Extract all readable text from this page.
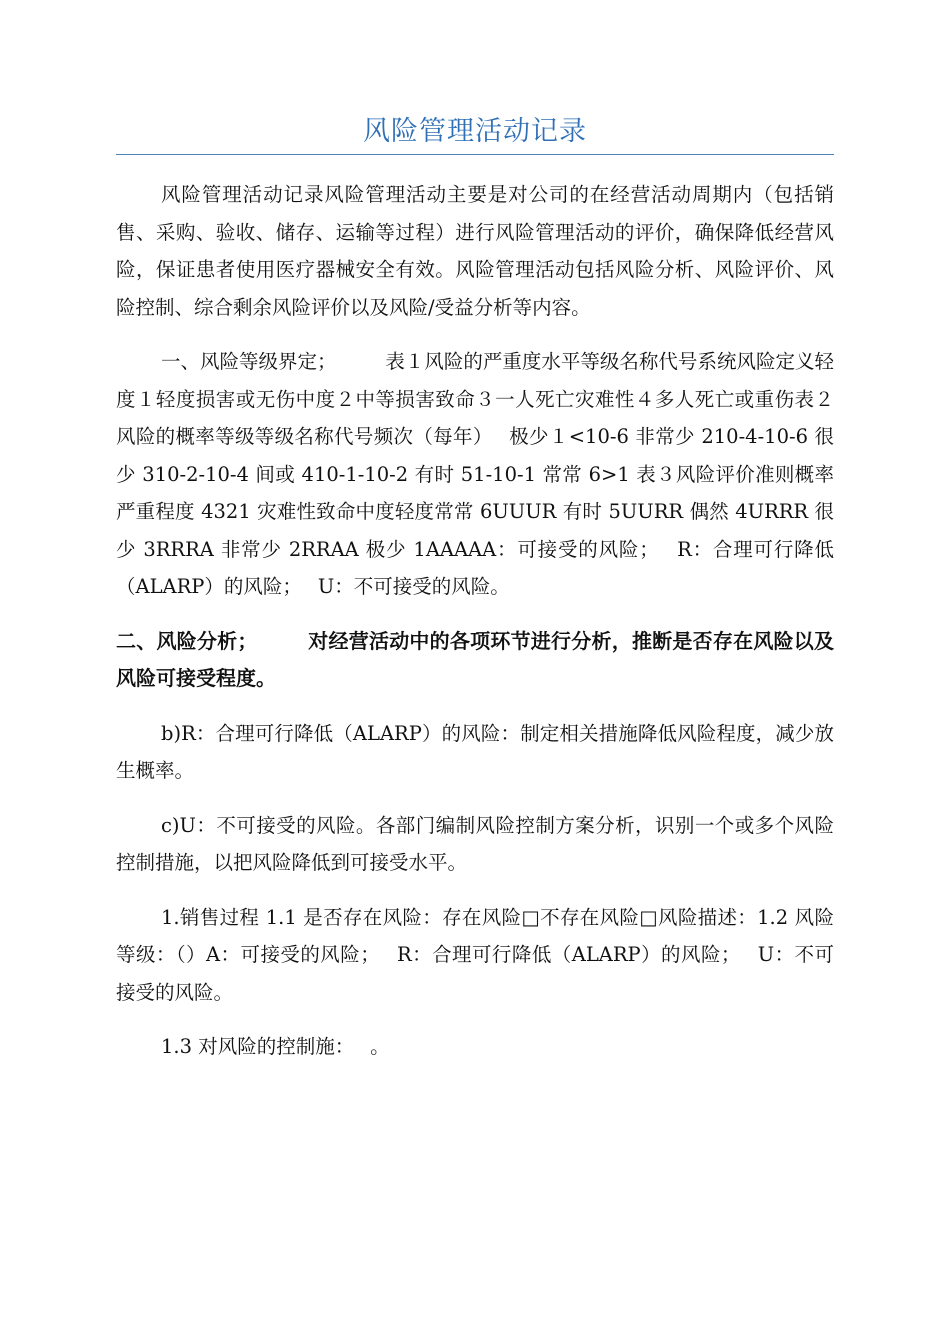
风险管理活动记录

风险管理活动记录风险管理活动主要是对公司的在经营活动周期内（包括销售、采购、验收、储存、运输等过程）进行风险管理活动的评价，确保降低经营风险，保证患者使用医疗器械安全有效。风险管理活动包括风险分析、风险评价、风险控制、综合剩余风险评价以及风险/受益分析等内容。

一、风险等级界定；　　　表１风险的严重度水平等级名称代号系统风险定义轻度１轻度损害或无伤中度２中等损害致命３一人死亡灾难性４多人死亡或重伤表２风险的概率等级等级名称代号频次（每年）　 极少１<10-6 非常少 210-4-10-6 很少 310-2-10-4 间或 410-1-10-2 有时 51-10-1 常常 6>1 表３风险评价准则概率严重程度 4321 灾难性致命中度轻度常常 6UUUR 有时 5UURR 偶然 4URRR 很少 3RRRA 非常少 2RRAA 极少 1AAAAA：可接受的风险；　 R：合理可行降低（ALARP）的风险；　 U：不可接受的风险。

二、风险分析；　　　对经营活动中的各项环节进行分析，推断是否存在风险以及风险可接受程度。

b)R：合理可行降低（ALARP）的风险：制定相关措施降低风险程度，减少放生概率。

c)U：不可接受的风险。各部门编制风险控制方案分析，识别一个或多个风险控制措施，以把风险降低到可接受水平。

1.销售过程 1.1 是否存在风险：存在风险□不存在风险□风险描述：1.2 风险等级：（）A：可接受的风险；　 R：合理可行降低（ALARP）的风险；　 U：不可接受的风险。

1.3 对风险的控制施：　 。
